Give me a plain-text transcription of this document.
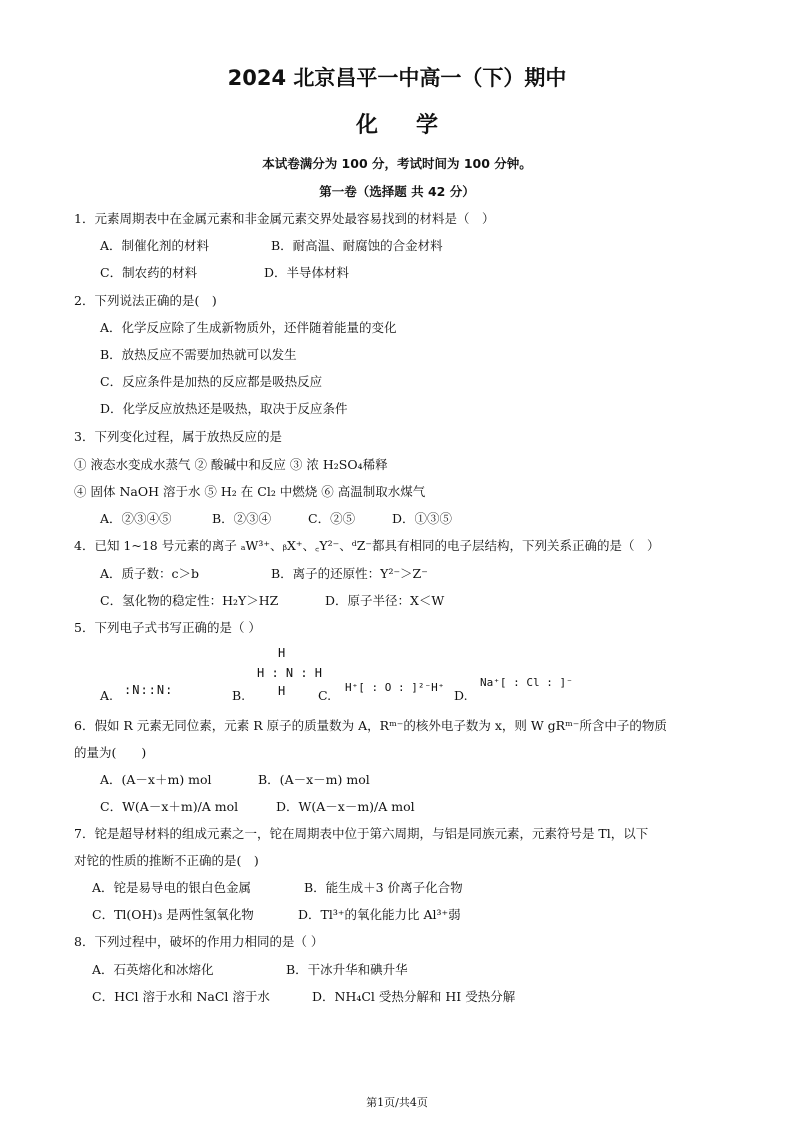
2024 北京昌平一中高一（下）期中
化学
本试卷满分为 100 分，考试时间为 100 分钟。
第一卷（选择题 共 42 分）
1．元素周期表中在金属元素和非金属元素交界处最容易找到的材料是（　）
A．制催化剂的材料	B．耐高温、耐腐蚀的合金材料
C．制农药的材料	D．半导体材料
2．下列说法正确的是(　)
A．化学反应除了生成新物质外，还伴随着能量的变化
B．放热反应不需要加热就可以发生
C．反应条件是加热的反应都是吸热反应
D．化学反应放热还是吸热，取决于反应条件
3．下列变化过程，属于放热反应的是
① 液态水变成水蒸气 ② 酸碱中和反应 ③ 浓 H₂SO₄稀释
④ 固体 NaOH 溶于水 ⑤ H₂ 在 Cl₂ 中燃烧 ⑥ 高温制取水煤气
A．②③④⑤	B．②③④	C．②⑤	D．①③⑤
4．已知 1~18 号元素的离子 ₐW³⁺、ᵦX⁺、꜀Y²⁻、ᵈZ⁻都具有相同的电子层结构，下列关系正确的是（　）
A．质子数：c＞b	B．离子的还原性：Y²⁻＞Z⁻
C．氢化物的稳定性：H₂Y＞HZ	D．原子半径：X＜W
5．下列电子式书写正确的是（ ）
A. :N::N:	B.
H
H : N : H
H	C.
H⁺[ : O : ]²⁻H⁺
D.
Na⁺[ : Cl : ]⁻
6．假如 R 元素无同位素，元素 R 原子的质量数为 A，Rᵐ⁻的核外电子数为 x，则 W gRᵐ⁻所含中子的物质
的量为(　　)
A．(A－x＋m) mol	B．(A－x－m) mol
C．W(A－x＋m)/A mol	D．W(A－x－m)/A mol
7．铊是超导材料的组成元素之一，铊在周期表中位于第六周期，与铝是同族元素，元素符号是 Tl，以下
对铊的性质的推断不正确的是(　)
A．铊是易导电的银白色金属	B．能生成＋3 价离子化合物
C．Tl(OH)₃ 是两性氢氧化物	D．Tl³⁺的氧化能力比 Al³⁺弱
8．下列过程中，破坏的作用力相同的是（ ）
A．石英熔化和冰熔化	B．干冰升华和碘升华
C．HCl 溶于水和 NaCl 溶于水	D．NH₄Cl 受热分解和 HI 受热分解
第1页/共4页
